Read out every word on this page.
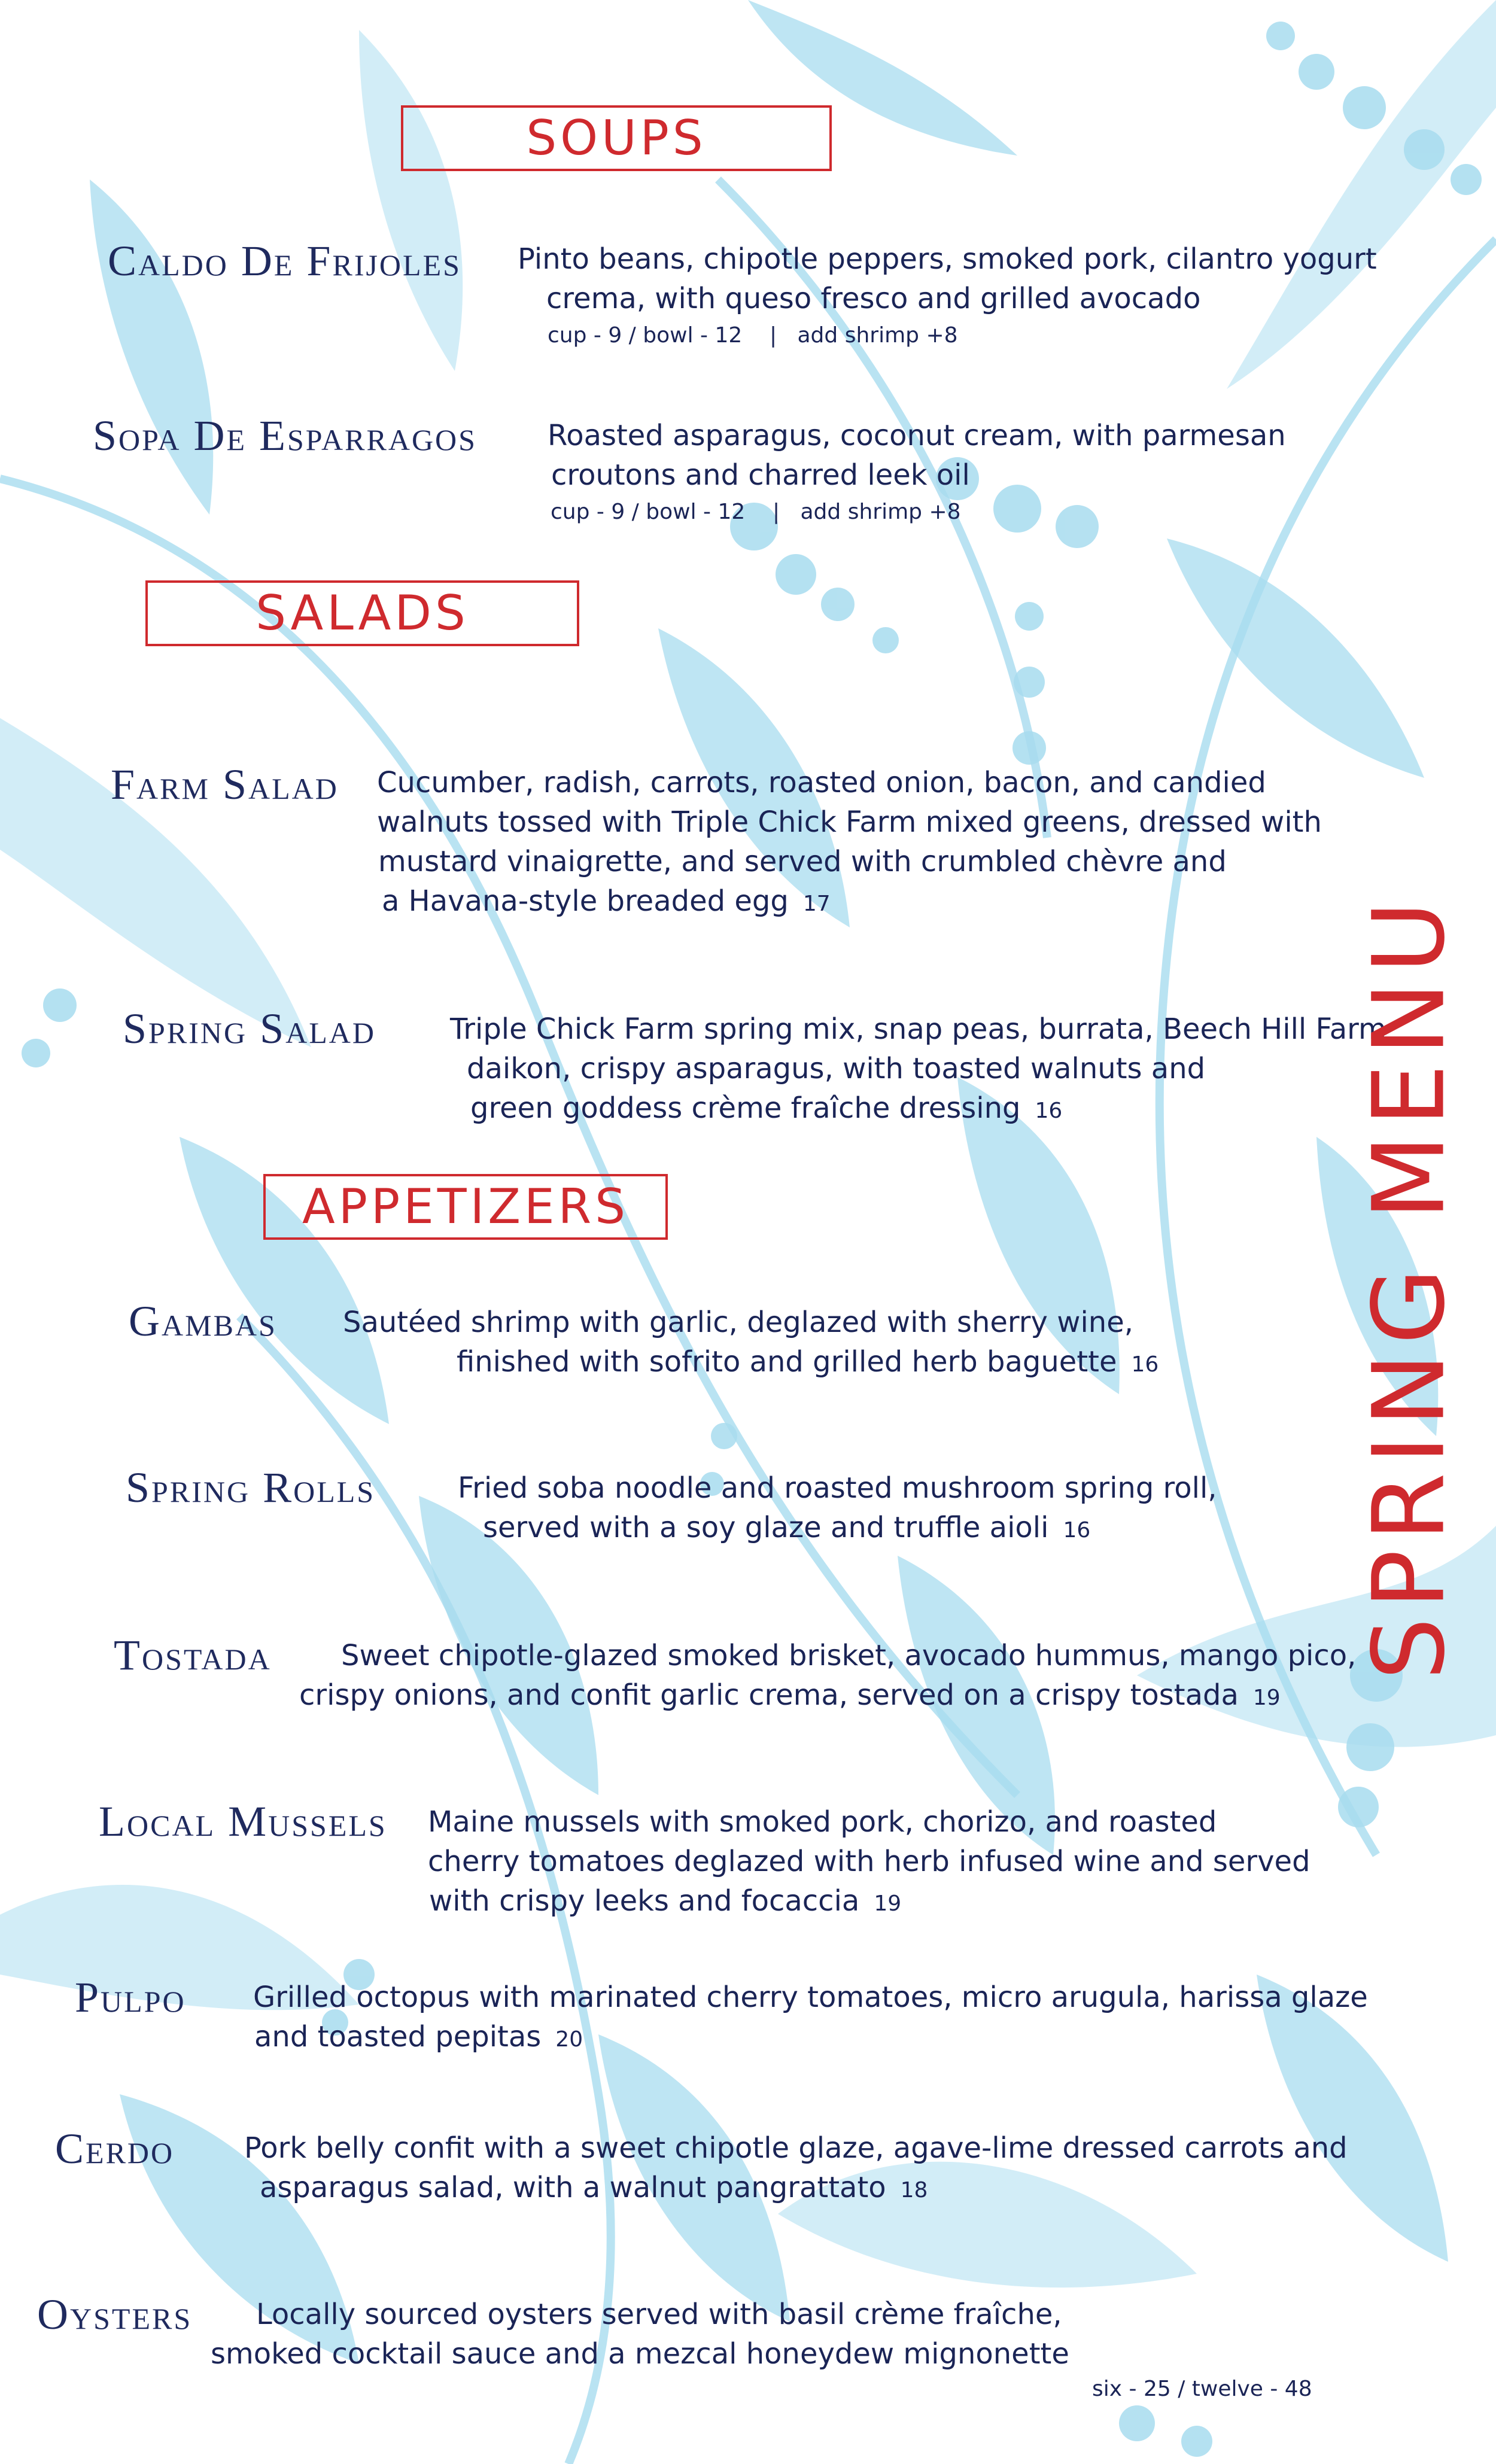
SOUPS
Caldo De Frijoles Pinto beans, chipotle peppers, smoked pork, cilantro yogurt
crema, with queso fresco and grilled avocado
cup - 9 / bowl - 12    |   add shrimp +8
Sopa De Esparragos Roasted asparagus, coconut cream, with parmesan
croutons and charred leek oil
cup - 9 / bowl - 12    |   add shrimp +8
SALADS
Farm Salad Cucumber, radish, carrots, roasted onion, bacon, and candied
walnuts tossed with Triple Chick Farm mixed greens, dressed with
mustard vinaigrette, and served with crumbled chèvre and
a Havana-style breaded egg 17
Spring Salad	Triple Chick Farm spring mix, snap peas, burrata, Beech Hill Farm
daikon, crispy asparagus, with toasted walnuts and
green goddess crème fraîche dressing 16
APPETIZERS
Gambas Sautéed shrimp with garlic, deglazed with sherry wine,
finished with sofrito and grilled herb baguette 16
Spring Rolls	Fried soba noodle and roasted mushroom spring roll,
served with a soy glaze and truffle aioli 16
Tostada	Sweet chipotle-glazed smoked brisket, avocado hummus, mango pico,
crispy onions, and confit garlic crema, served on a crispy tostada 19
Local Mussels Maine mussels with smoked pork, chorizo, and roasted
cherry tomatoes deglazed with herb infused wine and served
with crispy leeks and focaccia 19
Pulpo Grilled octopus with marinated cherry tomatoes, micro arugula, harissa glaze
and toasted pepitas 20
Cerdo Pork belly confit with a sweet chipotle glaze, agave-lime dressed carrots and
asparagus salad, with a walnut pangrattato 18
Oysters	Locally sourced oysters served with basil crème fraîche,
smoked cocktail sauce and a mezcal honeydew mignonette
six - 25 / twelve - 48
SPRING MENU
